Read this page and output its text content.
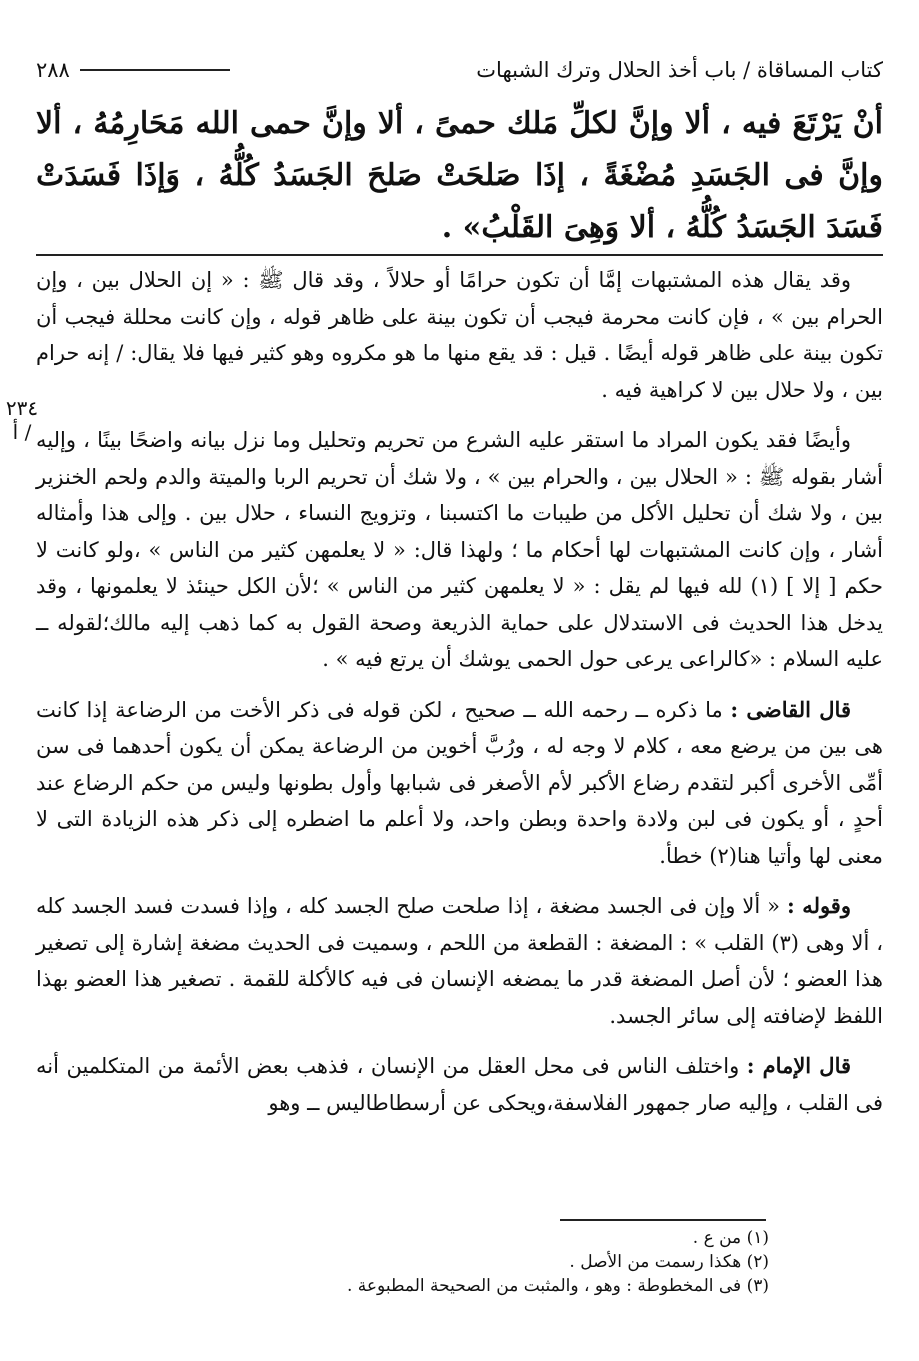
٢٨٨	كتاب المساقاة / باب أخذ الحلال وترك الشبهات
أنْ يَرْتَعَ فيه ، ألا وإنَّ لكلِّ مَلك حمىً ، ألا وإنَّ حمى الله مَحَارِمُهُ ، ألا وإنَّ فى الجَسَدِ مُضْغَةً ، إذَا صَلحَتْ صَلحَ الجَسَدُ كُلُّهُ ، وَإذَا فَسَدَتْ فَسَدَ الجَسَدُ كُلُّهُ ، ألا وَهِىَ القَلْبُ» .
٢٣٤ / أ

وقد يقال هذه المشتبهات إمَّا أن تكون حرامًا أو حلالاً ، وقد قال ﷺ : « إن الحلال بين ، وإن الحرام بين » ، فإن كانت محرمة فيجب أن تكون بينة على ظاهر قوله ، وإن كانت محللة فيجب أن تكون بينة على ظاهر قوله أيضًا . قيل : قد يقع منها ما هو مكروه وهو كثير فيها فلا يقال: / إنه حرام بين ، ولا حلال بين لا كراهية فيه .

وأيضًا فقد يكون المراد ما استقر عليه الشرع من تحريم وتحليل وما نزل بيانه واضحًا بينًا ، وإليه أشار بقوله ﷺ : « الحلال بين ، والحرام بين » ، ولا شك أن تحريم الربا والميتة والدم ولحم الخنزير بين ، ولا شك أن تحليل الأكل من طيبات ما اكتسبنا ، وتزويج النساء ، حلال بين . وإلى هذا وأمثاله أشار ، وإن كانت المشتبهات لها أحكام ما ؛ ولهذا قال: « لا يعلمهن كثير من الناس » ،ولو كانت لا حكم [ إلا ] (١) لله فيها لم يقل : « لا يعلمهن كثير من الناس » ؛لأن الكل حينئذ لا يعلمونها ، وقد يدخل هذا الحديث فى الاستدلال على حماية الذريعة وصحة القول به كما ذهب إليه مالك؛لقوله ــ عليه السلام : «كالراعى يرعى حول الحمى يوشك أن يرتع فيه » .

قال القاضى : ما ذكره ــ رحمه الله ــ صحيح ، لكن قوله فى ذكر الأخت من الرضاعة إذا كانت هى بين من يرضع معه ، كلام لا وجه له ، ورُبَّ أخوين من الرضاعة يمكن أن يكون أحدهما فى سن أمِّى الأخرى أكبر لتقدم رضاع الأكبر لأم الأصغر فى شبابها وأول بطونها وليس من حكم الرضاع عند أحدٍ ، أو يكون فى لبن ولادة واحدة وبطن واحد، ولا أعلم ما اضطره إلى ذكر هذه الزيادة التى لا معنى لها وأتيا هنا(٢) خطأ.

وقوله : « ألا وإن فى الجسد مضغة ، إذا صلحت صلح الجسد كله ، وإذا فسدت فسد الجسد كله ، ألا وهى (٣) القلب » : المضغة : القطعة من اللحم ، وسميت فى الحديث مضغة إشارة إلى تصغير هذا العضو ؛ لأن أصل المضغة قدر ما يمضغه الإنسان فى فيه كالأكلة للقمة . تصغير هذا العضو بهذا اللفظ لإضافته إلى سائر الجسد.

قال الإمام : واختلف الناس فى محل العقل من الإنسان ، فذهب بعض الأئمة من المتكلمين أنه فى القلب ، وإليه صار جمهور الفلاسفة،ويحكى عن أرسطاطاليس ــ وهو

(١) من ع .
(٢) هكذا رسمت من الأصل .
(٣) فى المخطوطة : وهو ، والمثبت من الصحيحة المطبوعة .
